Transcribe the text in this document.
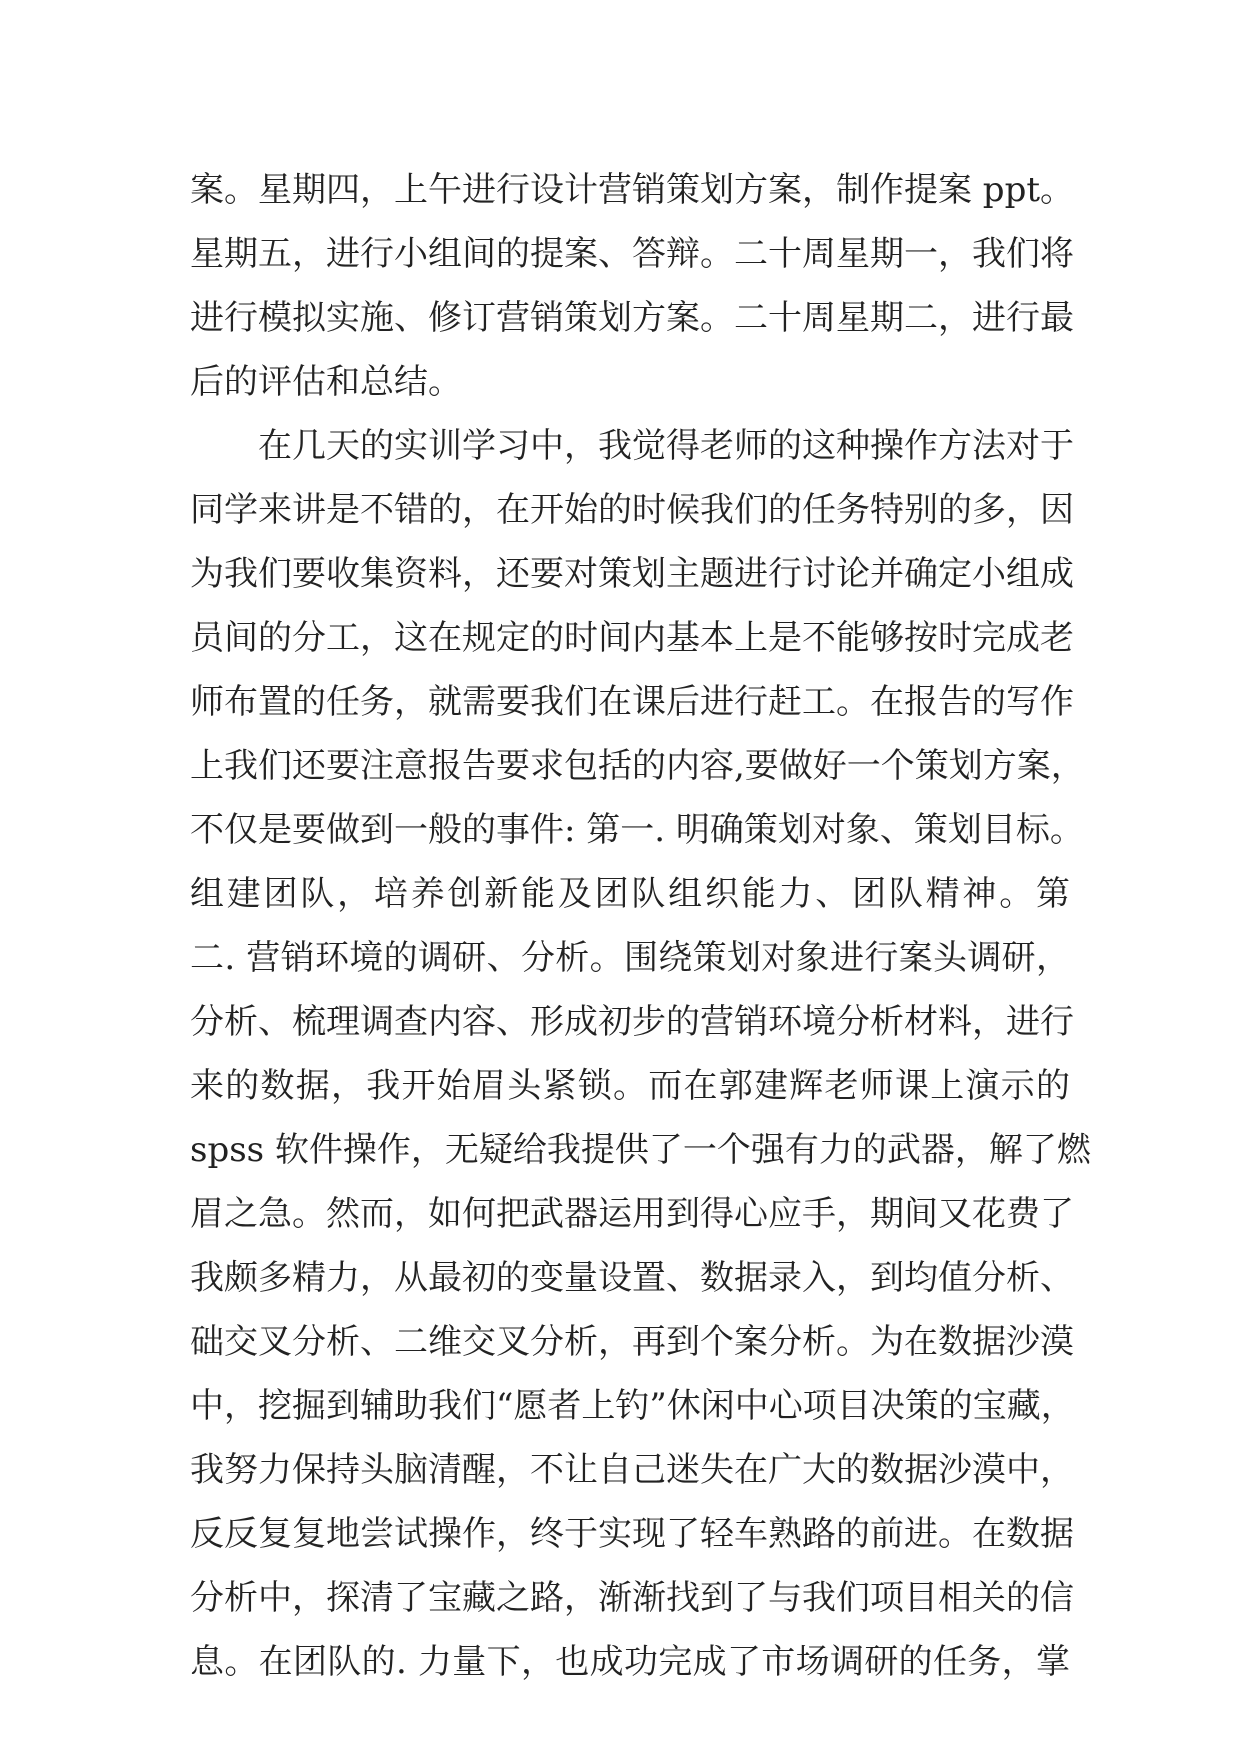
案。星期四，上午进行设计营销策划方案，制作提案 ppt。
星期五，进行小组间的提案、答辩。二十周星期一，我们将
进行模拟实施、修订营销策划方案。二十周星期二，进行最
后的评估和总结。
　　在几天的实训学习中，我觉得老师的这种操作方法对于
同学来讲是不错的，在开始的时候我们的任务特别的多，因
为我们要收集资料，还要对策划主题进行讨论并确定小组成
员间的分工，这在规定的时间内基本上是不能够按时完成老
师布置的任务，就需要我们在课后进行赶工。在报告的写作
上我们还要注意报告要求包括的内容,要做好一个策划方案，
不仅是要做到一般的事件: 第一. 明确策划对象、策划目标。
组建团队，培养创新能及团队组织能力、团队精神。第
二. 营销环境的调研、分析。围绕策划对象进行案头调研，
分析、梳理调查内容、形成初步的营销环境分析材料，进行
来的数据，我开始眉头紧锁。而在郭建辉老师课上演示的
spss 软件操作，无疑给我提供了一个强有力的武器，解了燃
眉之急。然而，如何把武器运用到得心应手，期间又花费了
我颇多精力，从最初的变量设置、数据录入，到均值分析、
础交叉分析、二维交叉分析，再到个案分析。为在数据沙漠
中，挖掘到辅助我们“愿者上钓”休闲中心项目决策的宝藏，
我努力保持头脑清醒，不让自己迷失在广大的数据沙漠中，
反反复复地尝试操作，终于实现了轻车熟路的前进。在数据
分析中，探清了宝藏之路，渐渐找到了与我们项目相关的信
息。在团队的. 力量下，也成功完成了市场调研的任务，掌
